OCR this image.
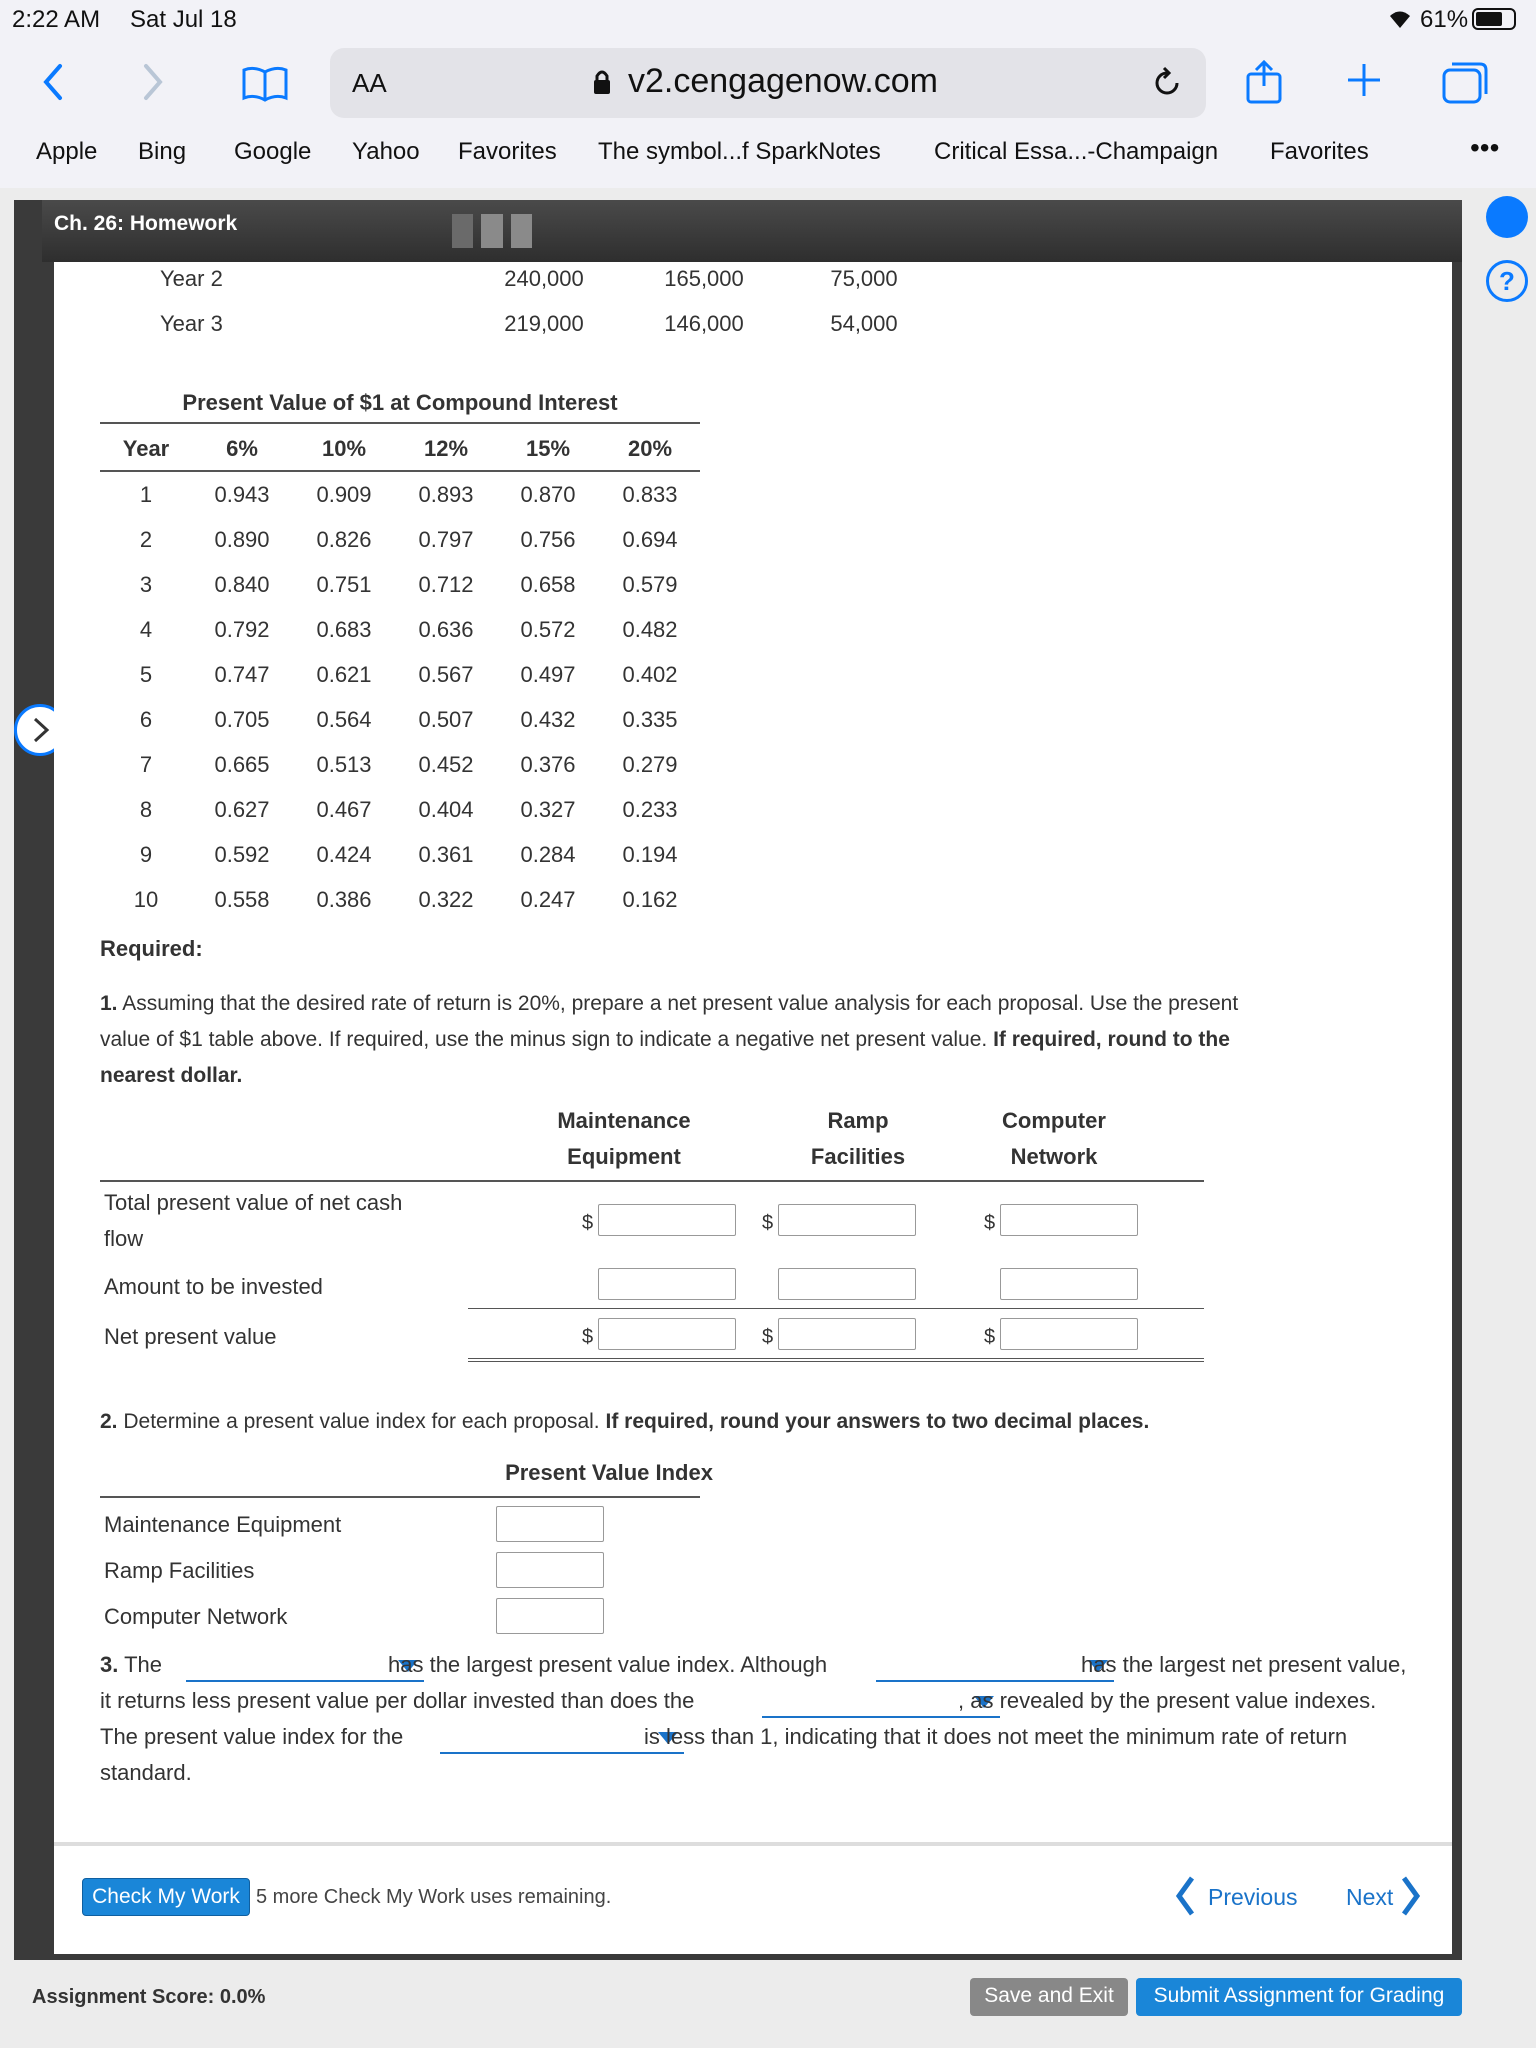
2:22 AM Sat Jul 18	61%
AA	v2.cengagenow.com
Apple Bing Google Yahoo Favorites The symbol...f SparkNotes Critical Essa...-Champaign Favorites	•••
Ch. 26: Homework
?
Year 2	240,000	165,000	75,000
Year 3	219,000	146,000	54,000
Present Value of $1 at Compound Interest
Year	6%	10%	12%	15%	20%
1	0.943	0.909	0.893	0.870	0.833
2	0.890	0.826	0.797	0.756	0.694
3	0.840	0.751	0.712	0.658	0.579
4	0.792	0.683	0.636	0.572	0.482
5	0.747	0.621	0.567	0.497	0.402
6	0.705	0.564	0.507	0.432	0.335
7	0.665	0.513	0.452	0.376	0.279
8	0.627	0.467	0.404	0.327	0.233
9	0.592	0.424	0.361	0.284	0.194
10	0.558	0.386	0.322	0.247	0.162
Required:
1. Assuming that the desired rate of return is 20%, prepare a net present value analysis for each proposal. Use the present
value of $1 table above. If required, use the minus sign to indicate a negative net present value. If required, round to the
nearest dollar.
Maintenance
Equipment
Ramp
Facilities
Computer
Network
Total present value of net cash
flow
$	$	$
Amount to be invested
Net present value	$	$	$
2. Determine a present value index for each proposal. If required, round your answers to two decimal places.
Present Value Index
Maintenance Equipment
Ramp Facilities
Computer Network
3. The	has the largest present value index. Although	has the largest net present value,
it returns less present value per dollar invested than does the	, as revealed by the present value indexes.
The present value index for the	is less than 1, indicating that it does not meet the minimum rate of return
standard.
Check My Work 5 more Check My Work uses remaining.	Previous Next
Assignment Score: 0.0%	Save and Exit	Submit Assignment for Grading
